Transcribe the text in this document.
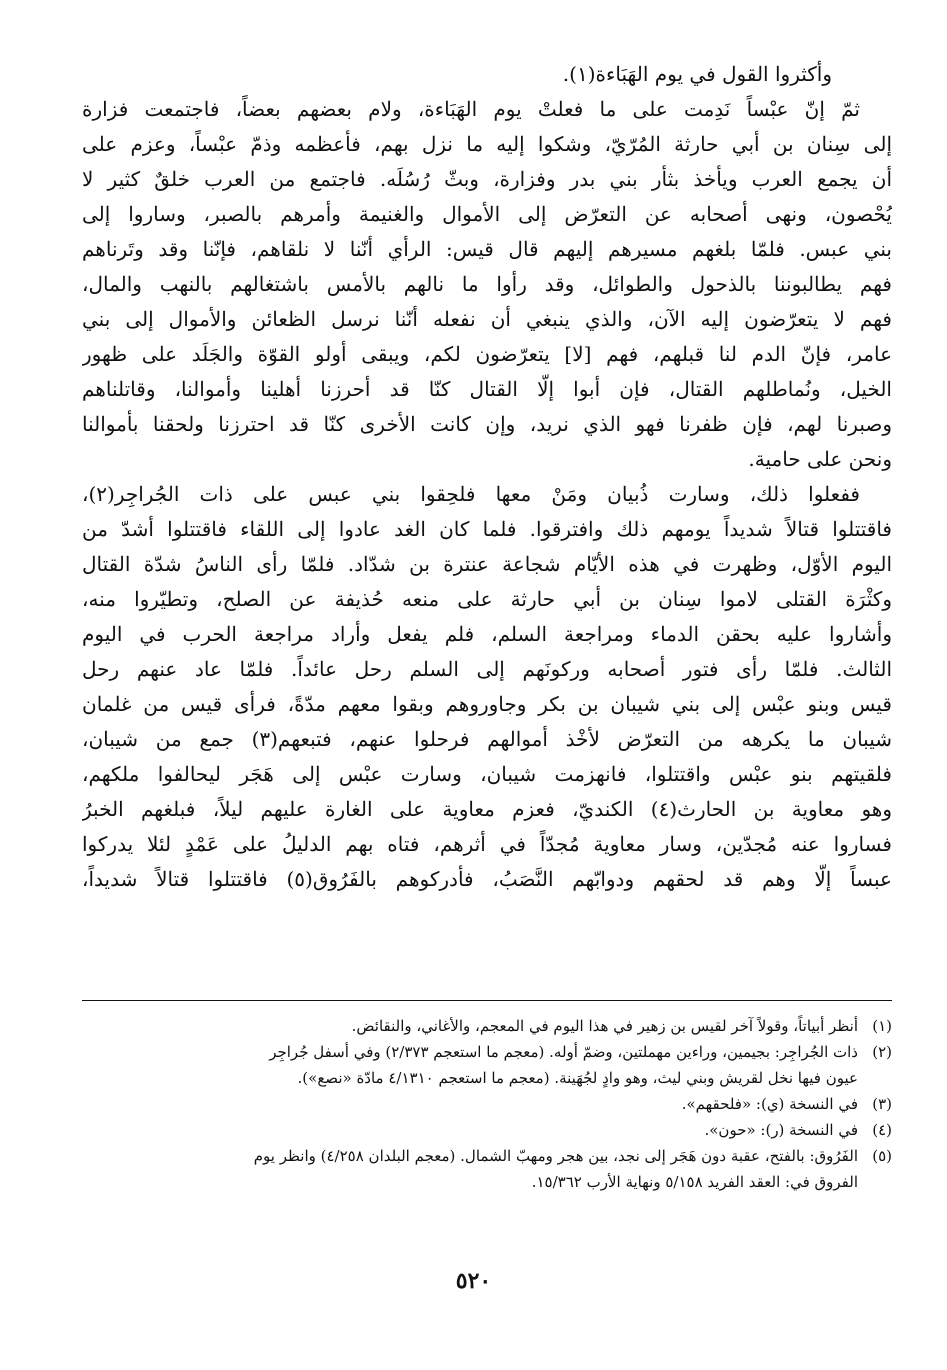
وأكثروا القول في يوم الهَبَاءة(١).
ثمّ إنّ عبْساً نَدِمت على ما فعلتْ يوم الهَبَاءة، ولام بعضهم بعضاً، فاجتمعت فزارة
إلى سِنان بن أبي حارثة المُرّيّ، وشكوا إليه ما نزل بهم، فأعظمه وذمّ عبْساً، وعزم على
أن يجمع العرب ويأخذ بثأر بني بدر وفزارة، وبثّ رُسُلَه. فاجتمع من العرب خلقٌ كثير لا
يُحْصون، ونهى أصحابه عن التعرّض إلى الأموال والغنيمة وأمرهم بالصبر، وساروا إلى
بني عبس. فلمّا بلغهم مسيرهم إليهم قال قيس: الرأي أنّنا لا نلقاهم، فإنّنا وقد وتَرناهم
فهم يطالبوننا بالذحول والطوائل، وقد رأوا ما نالهم بالأمس باشتغالهم بالنهب والمال،
فهم لا يتعرّضون إليه الآن، والذي ينبغي أن نفعله أنّنا نرسل الظعائن والأموال إلى بني
عامر، فإنّ الدم لنا قبلهم، فهم [لا] يتعرّضون لكم، ويبقى أولو القوّة والجَلَد على ظهور
الخيل، ونُماطلهم القتال، فإن أبوا إلّا القتال كنّا قد أحرزنا أهلينا وأموالنا، وقاتلناهم
وصبرنا لهم، فإن ظفرنا فهو الذي نريد، وإن كانت الأخرى كنّا قد احترزنا ولحقنا بأموالنا
ونحن على حامية.
ففعلوا ذلك، وسارت ذُبيان ومَنْ معها فلحِقوا بني عبس على ذات الجُراجِر(٢)،
فاقتتلوا قتالاً شديداً يومهم ذلك وافترقوا. فلما كان الغد عادوا إلى اللقاء فاقتتلوا أشدّ من
اليوم الأوّل، وظهرت في هذه الأيّام شجاعة عنترة بن شدّاد. فلمّا رأى الناسُ شدّة القتال
وكثْرَة القتلى لاموا سِنان بن أبي حارثة على منعه حُذيفة عن الصلح، وتطيّروا منه،
وأشاروا عليه بحقن الدماء ومراجعة السلم، فلم يفعل وأراد مراجعة الحرب في اليوم
الثالث. فلمّا رأى فتور أصحابه وركونَهم إلى السلم رحل عائداً. فلمّا عاد عنهم رحل
قيس وبنو عبْس إلى بني شيبان بن بكر وجاوروهم وبقوا معهم مدّةً، فرأى قيس من غلمان
شيبان ما يكرهه من التعرّض لأخْذ أموالهم فرحلوا عنهم، فتبعهم(٣) جمع من شيبان،
فلقيتهم بنو عبْس واقتتلوا، فانهزمت شيبان، وسارت عبْس إلى هَجَر ليحالفوا ملكهم،
وهو معاوية بن الحارث(٤) الكنديّ، فعزم معاوية على الغارة عليهم ليلاً، فبلغهم الخبرُ
فساروا عنه مُجدّين، وسار معاوية مُجدّاً في أثرهم، فتاه بهم الدليلُ على عَمْدٍ لئلا يدركوا
عبساً إلّا وهم قد لحقهم ودوابّهم النَّصَبُ، فأدركوهم بالفَرُوق(٥) فاقتتلوا قتالاً شديداً،
(١)
أنظر أبياتاً، وقولاً آخر لقيس بن زهير في هذا اليوم في المعجم، والأغاني، والنقائض.
(٢)
ذات الجُراجِر: بجيمين، وراءين مهملتين، وضمّ أوله. (معجم ما استعجم ٢/٣٧٣) وفي أسفل جُراجِر
عيون فيها نخل لقريش وبني ليث، وهو وادٍ لجُهَينة. (معجم ما استعجم ٤/١٣١٠ مادّة «نصع»).
(٣)
في النسخة (ي): «فلحقهم».
(٤)
في النسخة (ر): «حون».
(٥)
الفَرُوق: بالفتح، عقبة دون هَجَر إلى نجد، بين هجر ومهبّ الشمال. (معجم البلدان ٤/٢٥٨) وانظر يوم
الفروق في: العقد الفريد ٥/١٥٨ ونهاية الأرب ١٥/٣٦٢.
٥٢٠
